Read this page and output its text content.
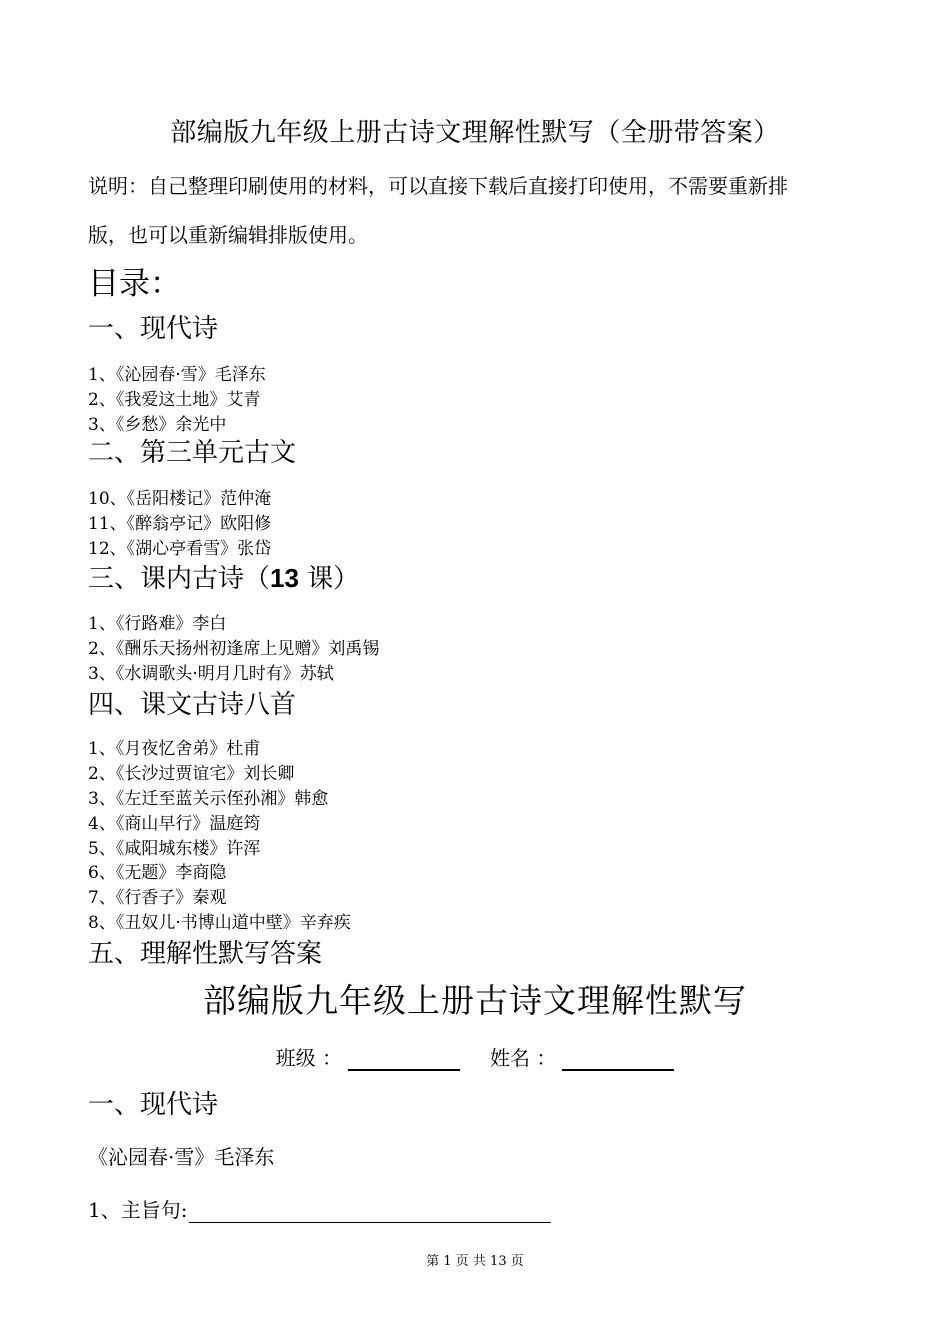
部编版九年级上册古诗文理解性默写（全册带答案）
说明：自己整理印刷使用的材料，可以直接下载后直接打印使用，不需要重新排
版，也可以重新编辑排版使用。
目录：
一、现代诗
1、《沁园春·雪》毛泽东
2、《我爱这土地》艾青
3、《乡愁》余光中
二、第三单元古文
10、《岳阳楼记》范仲淹
11、《醉翁亭记》欧阳修
12、《湖心亭看雪》张岱
三、课内古诗（13 课）
1、《行路难》李白
2、《酬乐天扬州初逢席上见赠》刘禹锡
3、《水调歌头·明月几时有》苏轼
四、课文古诗八首
1、《月夜忆舍弟》杜甫
2、《长沙过贾谊宅》刘长卿
3、《左迁至蓝关示侄孙湘》韩愈
4、《商山早行》温庭筠
5、《咸阳城东楼》许浑
6、《无题》李商隐
7、《行香子》秦观
8、《丑奴儿·书博山道中壁》辛弃疾
五、理解性默写答案
部编版九年级上册古诗文理解性默写
班级 ：	姓名 ：
一、现代诗
《沁园春·雪》毛泽东
1、主旨句:
第 1 页 共 13 页
